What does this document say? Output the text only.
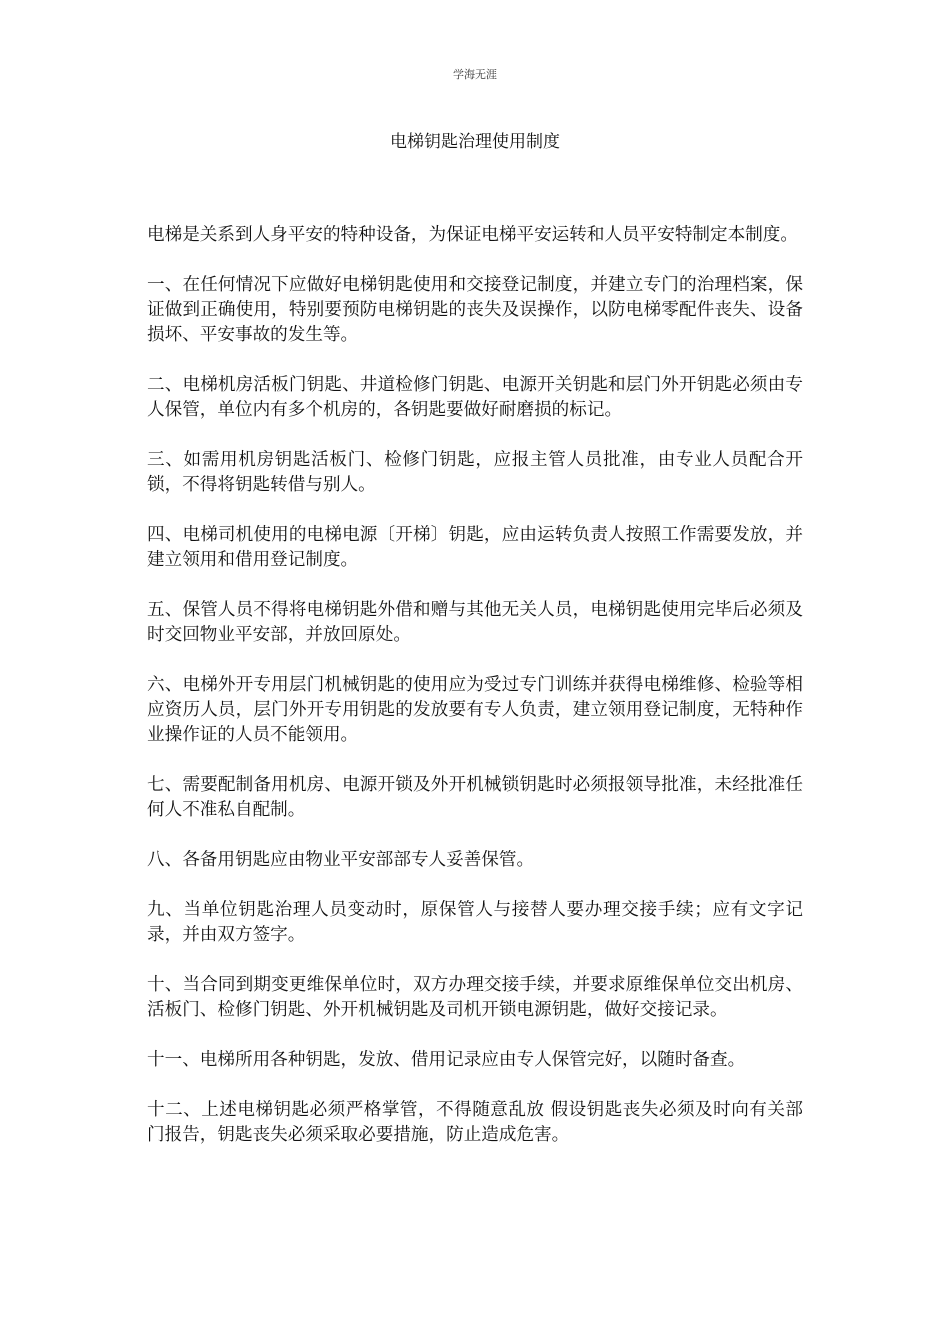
学海无涯
电梯钥匙治理使用制度

电梯是关系到人身平安的特种设备，为保证电梯平安运转和人员平安特制定本制度。

一、在任何情况下应做好电梯钥匙使用和交接登记制度，并建立专门的治理档案，保证做到正确使用，特别要预防电梯钥匙的丧失及误操作，以防电梯零配件丧失、设备损坏、平安事故的发生等。

二、电梯机房活板门钥匙、井道检修门钥匙、电源开关钥匙和层门外开钥匙必须由专人保管，单位内有多个机房的，各钥匙要做好耐磨损的标记。

三、如需用机房钥匙活板门、检修门钥匙，应报主管人员批准，由专业人员配合开锁，不得将钥匙转借与别人。

四、电梯司机使用的电梯电源〔开梯〕钥匙，应由运转负责人按照工作需要发放，并建立领用和借用登记制度。

五、保管人员不得将电梯钥匙外借和赠与其他无关人员，电梯钥匙使用完毕后必须及时交回物业平安部，并放回原处。

六、电梯外开专用层门机械钥匙的使用应为受过专门训练并获得电梯维修、检验等相应资历人员，层门外开专用钥匙的发放要有专人负责，建立领用登记制度，无特种作业操作证的人员不能领用。

七、需要配制备用机房、电源开锁及外开机械锁钥匙时必须报领导批准，未经批准任何人不准私自配制。

八、各备用钥匙应由物业平安部部专人妥善保管。

九、当单位钥匙治理人员变动时，原保管人与接替人要办理交接手续；应有文字记录，并由双方签字。

十、当合同到期变更维保单位时，双方办理交接手续，并要求原维保单位交出机房、活板门、检修门钥匙、外开机械钥匙及司机开锁电源钥匙，做好交接记录。

十一、电梯所用各种钥匙，发放、借用记录应由专人保管完好，以随时备查。

十二、上述电梯钥匙必须严格掌管，不得随意乱放 假设钥匙丧失必须及时向有关部门报告，钥匙丧失必须采取必要措施，防止造成危害。
